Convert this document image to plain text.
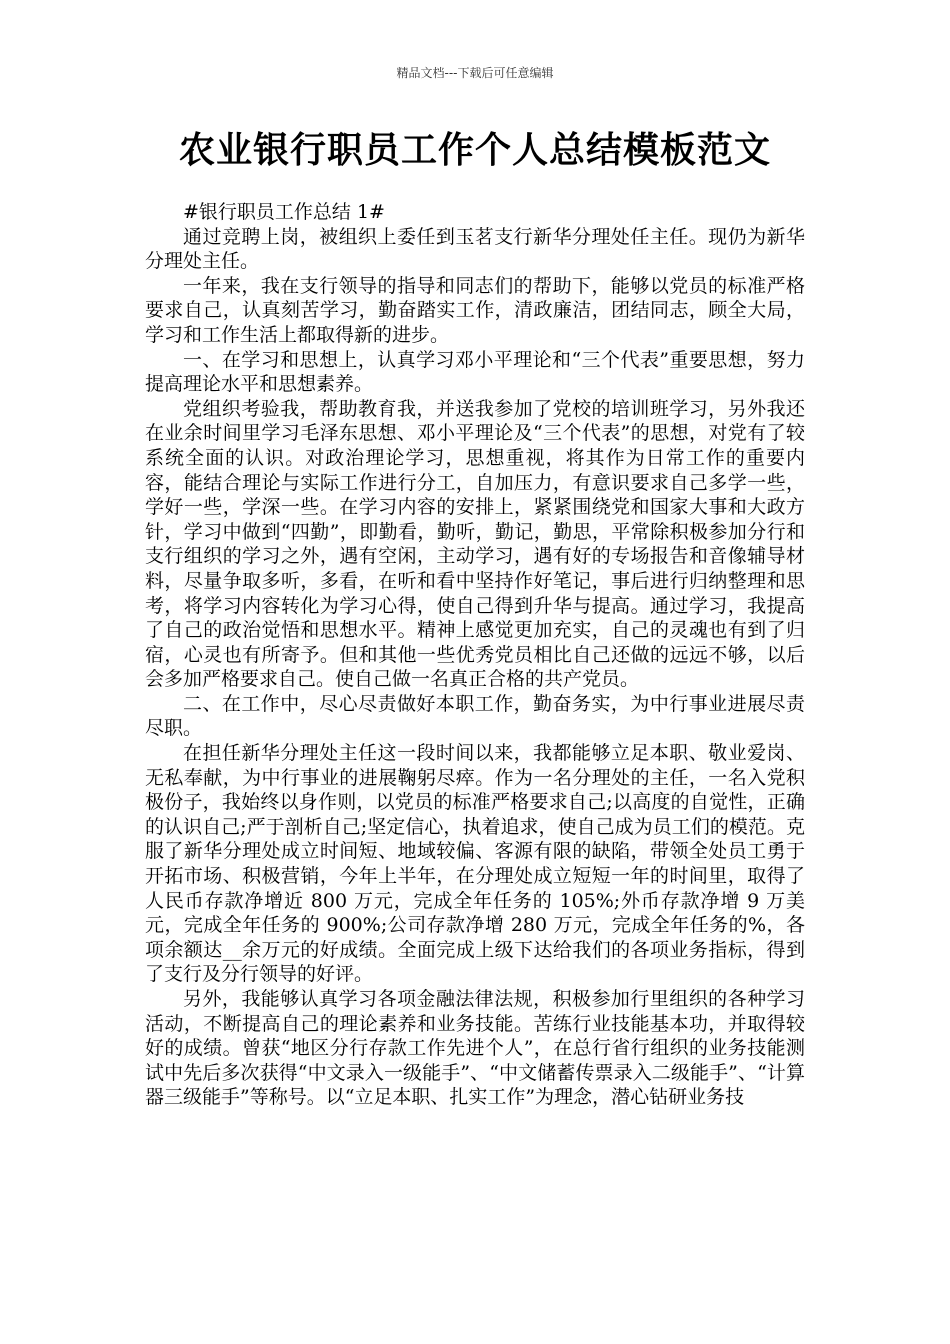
精品文档---下载后可任意编辑
农业银行职员工作个人总结模板范文

#银行职员工作总结 1#

通过竞聘上岗，被组织上委任到玉茗支行新华分理处任主任。现仍为新华分理处主任。

一年来，我在支行领导的指导和同志们的帮助下，能够以党员的标准严格要求自己，认真刻苦学习，勤奋踏实工作，清政廉洁，团结同志，顾全大局，学习和工作生活上都取得新的进步。

一、在学习和思想上，认真学习邓小平理论和“三个代表”重要思想，努力提高理论水平和思想素养。

党组织考验我，帮助教育我，并送我参加了党校的培训班学习，另外我还在业余时间里学习毛泽东思想、邓小平理论及“三个代表”的思想，对党有了较系统全面的认识。对政治理论学习，思想重视，将其作为日常工作的重要内容，能结合理论与实际工作进行分工，自加压力，有意识要求自己多学一些，学好一些，学深一些。在学习内容的安排上，紧紧围绕党和国家大事和大政方针，学习中做到“四勤”，即勤看，勤听，勤记，勤思，平常除积极参加分行和支行组织的学习之外，遇有空闲，主动学习，遇有好的专场报告和音像辅导材料，尽量争取多听，多看，在听和看中坚持作好笔记，事后进行归纳整理和思考，将学习内容转化为学习心得，使自己得到升华与提高。通过学习，我提高了自己的政治觉悟和思想水平。精神上感觉更加充实，自己的灵魂也有到了归宿，心灵也有所寄予。但和其他一些优秀党员相比自己还做的远远不够，以后会多加严格要求自己。使自己做一名真正合格的共产党员。

二、在工作中，尽心尽责做好本职工作，勤奋务实，为中行事业进展尽责尽职。

在担任新华分理处主任这一段时间以来，我都能够立足本职、敬业爱岗、无私奉献，为中行事业的进展鞠躬尽瘁。作为一名分理处的主任，一名入党积极份子，我始终以身作则，以党员的标准严格要求自己;以高度的自觉性，正确的认识自己;严于剖析自己;坚定信心，执着追求，使自己成为员工们的模范。克服了新华分理处成立时间短、地域较偏、客源有限的缺陷，带领全处员工勇于开拓市场、积极营销，今年上半年，在分理处成立短短一年的时间里，取得了人民币存款净增近 800 万元，完成全年任务的 105%;外币存款净增 9 万美元，完成全年任务的 900%;公司存款净增 280 万元，完成全年任务的%，各项余额达__余万元的好成绩。全面完成上级下达给我们的各项业务指标，得到了支行及分行领导的好评。

另外，我能够认真学习各项金融法律法规，积极参加行里组织的各种学习活动，不断提高自己的理论素养和业务技能。苦练行业技能基本功，并取得较好的成绩。曾获“地区分行存款工作先进个人”，在总行省行组织的业务技能测试中先后多次获得“中文录入一级能手”、“中文储蓄传票录入二级能手”、“计算器三级能手”等称号。以“立足本职、扎实工作”为理念，潜心钻研业务技
